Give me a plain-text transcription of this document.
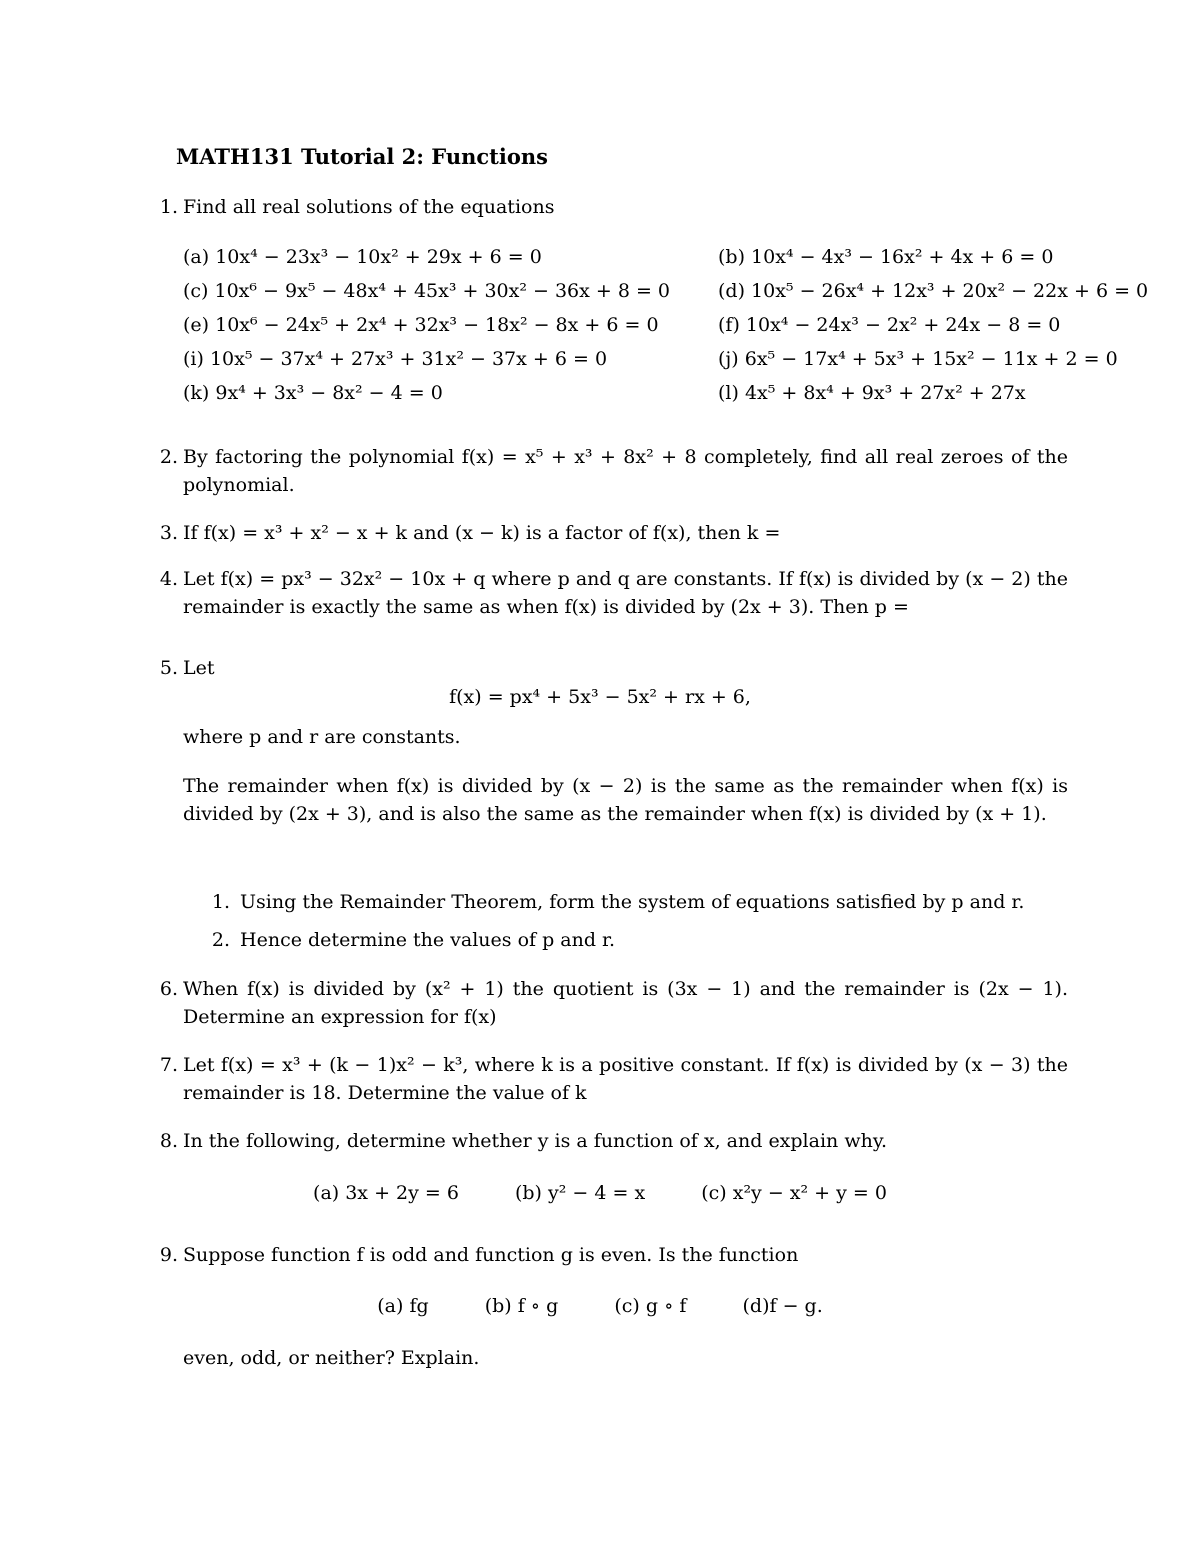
MATH131 Tutorial 2: Functions
1. Find all real solutions of the equations
(a) 10x⁴ − 23x³ − 10x² + 29x + 6 = 0	(b) 10x⁴ − 4x³ − 16x² + 4x + 6 = 0
(c) 10x⁶ − 9x⁵ − 48x⁴ + 45x³ + 30x² − 36x + 8 = 0	(d) 10x⁵ − 26x⁴ + 12x³ + 20x² − 22x + 6 = 0
(e) 10x⁶ − 24x⁵ + 2x⁴ + 32x³ − 18x² − 8x + 6 = 0	(f) 10x⁴ − 24x³ − 2x² + 24x − 8 = 0
(i) 10x⁵ − 37x⁴ + 27x³ + 31x² − 37x + 6 = 0	(j) 6x⁵ − 17x⁴ + 5x³ + 15x² − 11x + 2 = 0
(k) 9x⁴ + 3x³ − 8x² − 4 = 0	(l) 4x⁵ + 8x⁴ + 9x³ + 27x² + 27x
2. By factoring the polynomial f(x) = x⁵ + x³ + 8x² + 8 completely, find all real zeroes of the polynomial.
3. If f(x) = x³ + x² − x + k and (x − k) is a factor of f(x), then k =
4. Let f(x) = px³ − 32x² − 10x + q where p and q are constants. If f(x) is divided by (x − 2) the remainder is exactly the same as when f(x) is divided by (2x + 3). Then p =
5. Let
f(x) = px⁴ + 5x³ − 5x² + rx + 6,
where p and r are constants.
The remainder when f(x) is divided by (x − 2) is the same as the remainder when f(x) is divided by (2x + 3), and is also the same as the remainder when f(x) is divided by (x + 1).
1. Using the Remainder Theorem, form the system of equations satisfied by p and r.
2. Hence determine the values of p and r.
6. When f(x) is divided by (x² + 1) the quotient is (3x − 1) and the remainder is (2x − 1). Determine an expression for f(x)
7. Let f(x) = x³ + (k − 1)x² − k³, where k is a positive constant. If f(x) is divided by (x − 3) the remainder is 18. Determine the value of k
8. In the following, determine whether y is a function of x, and explain why.
(a) 3x + 2y = 6	(b) y² − 4 = x	(c) x²y − x² + y = 0
9. Suppose function f is odd and function g is even. Is the function
(a) fg	(b) f ∘ g	(c) g ∘ f	(d)f − g.
even, odd, or neither? Explain.
